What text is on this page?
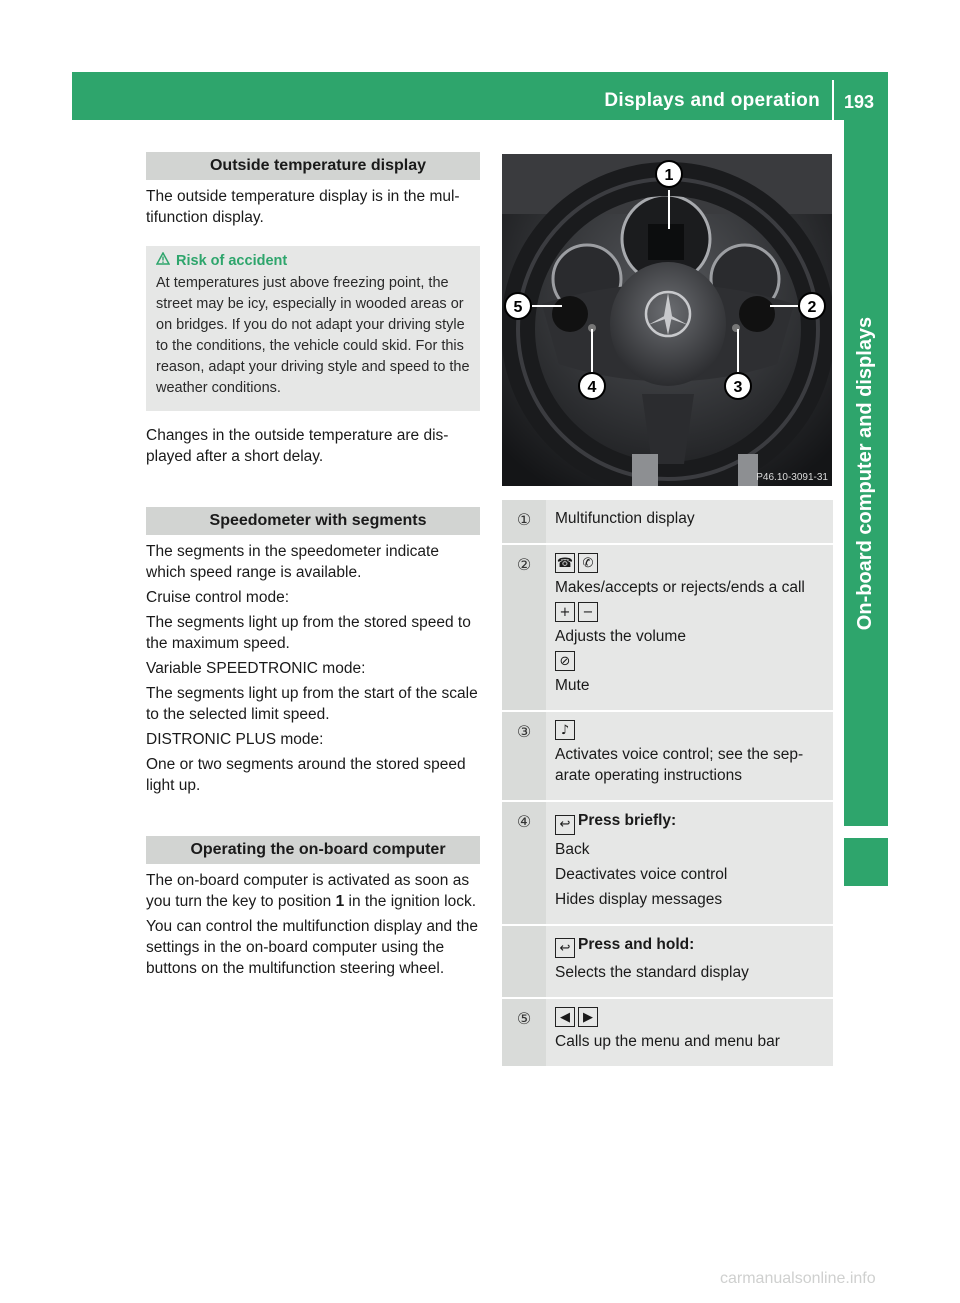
Displays and operation 193
On-board computer and displays
Outside temperature display

The outside temperature display is in the mul-tifunction display.

Risk of accident

At temperatures just above freezing point, the street may be icy, especially in wooded areas or on bridges. If you do not adapt your driving style to the conditions, the vehicle could skid. For this reason, adapt your driving style and speed to the weather conditions.

Changes in the outside temperature are dis-played after a short delay.

Speedometer with segments

The segments in the speedometer indicate which speed range is available.

Cruise control mode:

The segments light up from the stored speed to the maximum speed.

Variable SPEEDTRONIC mode:

The segments light up from the start of the scale to the selected limit speed.

DISTRONIC PLUS mode:

One or two segments around the stored speed light up.

Operating the on-board computer

The on-board computer is activated as soon as you turn the key to position 1 in the ignition lock.

You can control the multifunction display and the settings in the on-board computer using the buttons on the multifunction steering wheel.

1
2
3
4
5
P46.10-3091-31
①	Multifunction display
②	☎ ✆
Makes/accepts or rejects/ends a call
+ −
Adjusts the volume
⊘
Mute
③	♪
Activates voice control; see the sep-arate operating instructions
④	↩ Press briefly:
Back
Deactivates voice control
Hides display messages
↩ Press and hold:
Selects the standard display
⑤	◀	▶
Calls up the menu and menu bar
carmanualsonline.info
